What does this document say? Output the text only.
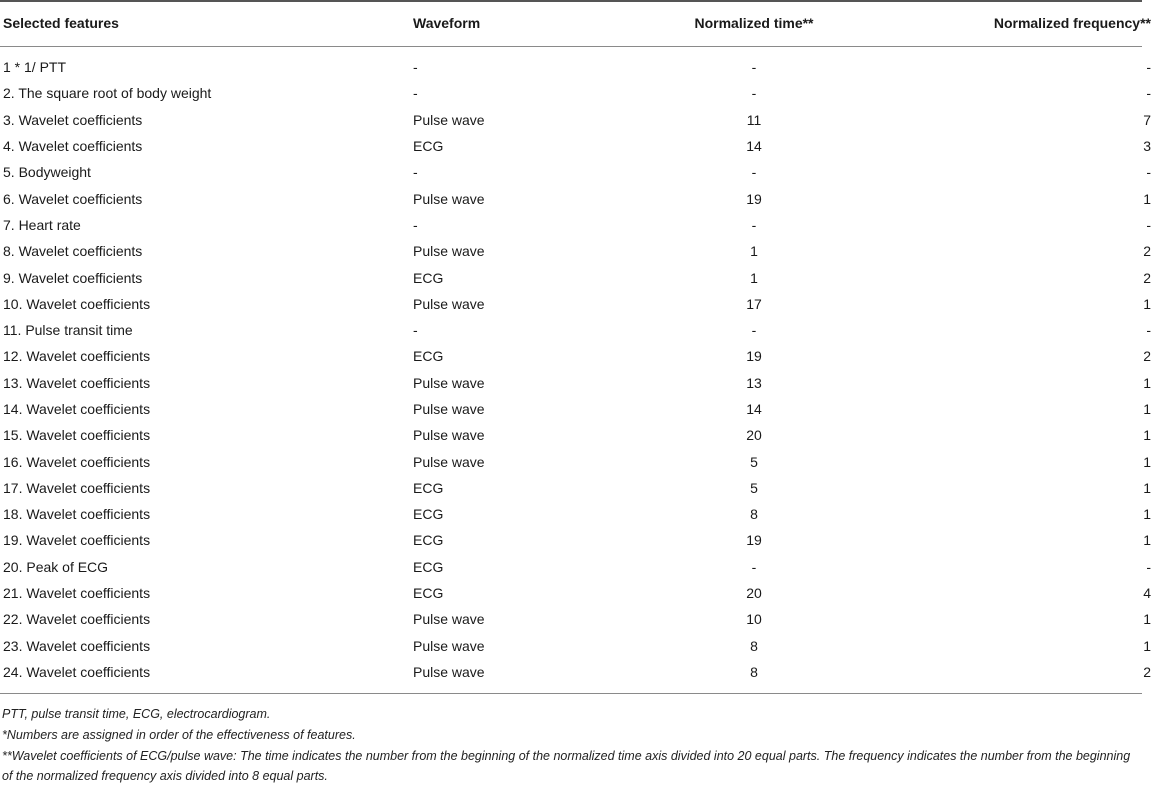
Selected features	Waveform	Normalized time**	Normalized frequency**
1 * 1/ PTT	-	-	-
2. The square root of body weight	-	-	-
3. Wavelet coefficients	Pulse wave	11	7
4. Wavelet coefficients	ECG	14	3
5. Bodyweight	-	-	-
6. Wavelet coefficients	Pulse wave	19	1
7. Heart rate	-	-	-
8. Wavelet coefficients	Pulse wave	1	2
9. Wavelet coefficients	ECG	1	2
10. Wavelet coefficients	Pulse wave	17	1
11. Pulse transit time	-	-	-
12. Wavelet coefficients	ECG	19	2
13. Wavelet coefficients	Pulse wave	13	1
14. Wavelet coefficients	Pulse wave	14	1
15. Wavelet coefficients	Pulse wave	20	1
16. Wavelet coefficients	Pulse wave	5	1
17. Wavelet coefficients	ECG	5	1
18. Wavelet coefficients	ECG	8	1
19. Wavelet coefficients	ECG	19	1
20. Peak of ECG	ECG	-	-
21. Wavelet coefficients	ECG	20	4
22. Wavelet coefficients	Pulse wave	10	1
23. Wavelet coefficients	Pulse wave	8	1
24. Wavelet coefficients	Pulse wave	8	2

PTT, pulse transit time, ECG, electrocardiogram.

*Numbers are assigned in order of the effectiveness of features.

**Wavelet coefficients of ECG/pulse wave: The time indicates the number from the beginning of the normalized time axis divided into 20 equal parts. The frequency indicates the number from the beginning of the normalized frequency axis divided into 8 equal parts.
